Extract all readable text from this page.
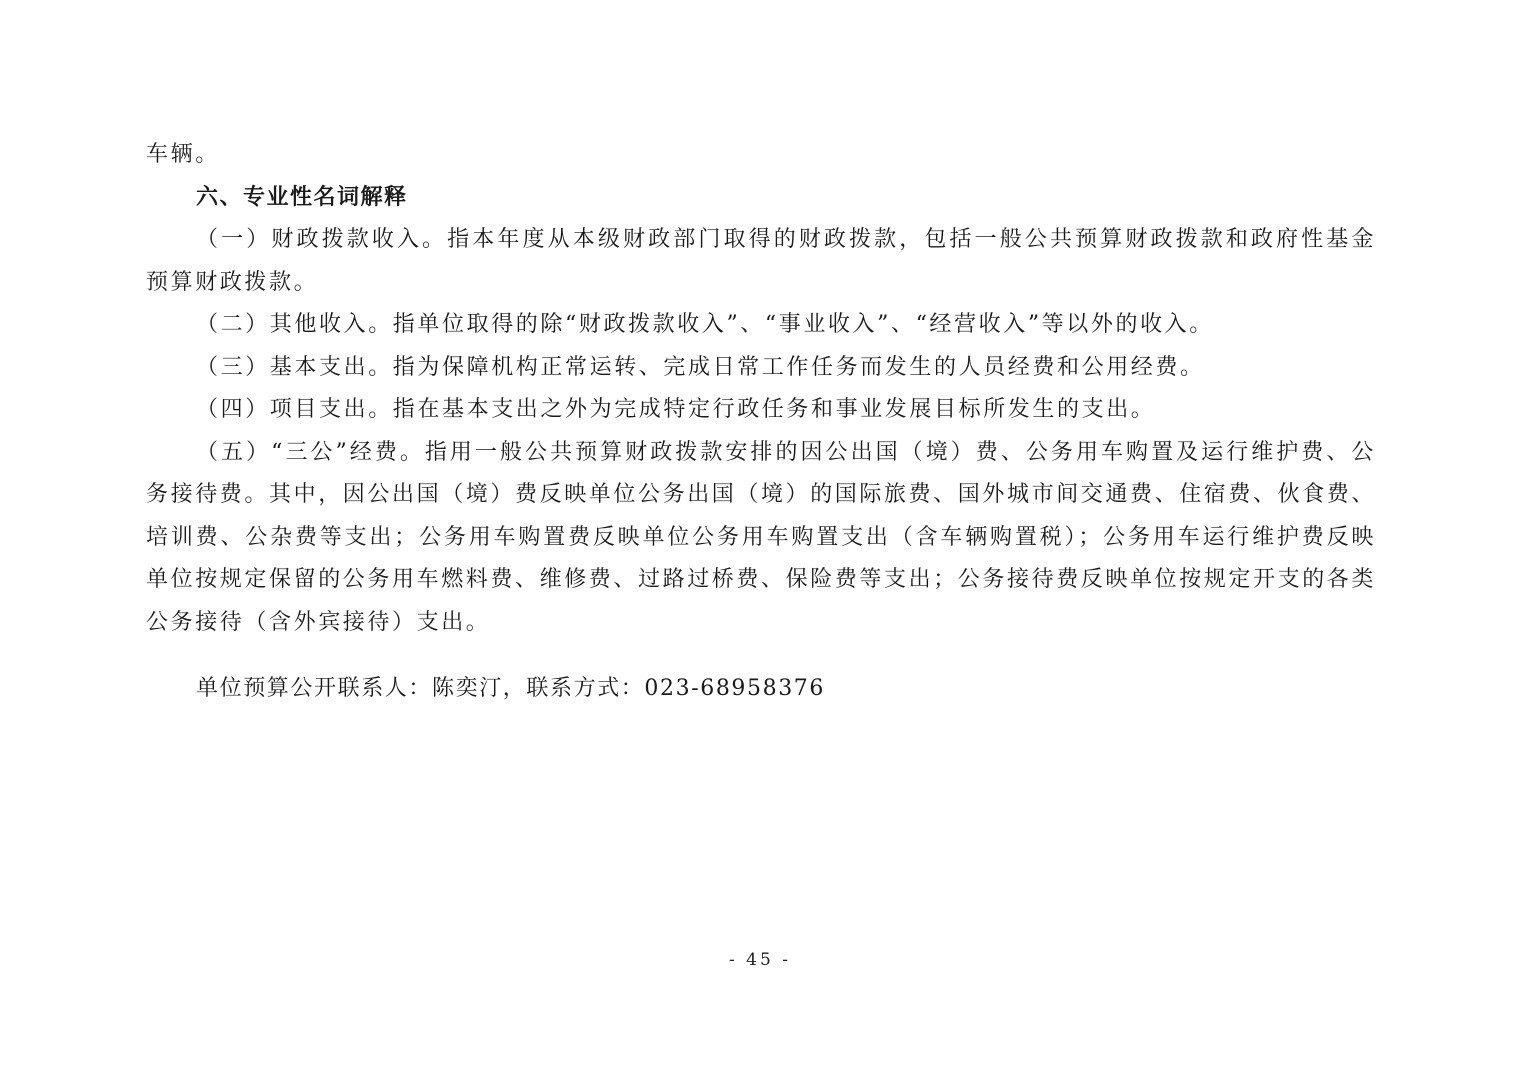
车辆。

六、专业性名词解释

（一）财政拨款收入。指本年度从本级财政部门取得的财政拨款，包括一般公共预算财政拨款和政府性基金预算财政拨款。

（二）其他收入。指单位取得的除“财政拨款收入”、“事业收入”、“经营收入”等以外的收入。

（三）基本支出。指为保障机构正常运转、完成日常工作任务而发生的人员经费和公用经费。

（四）项目支出。指在基本支出之外为完成特定行政任务和事业发展目标所发生的支出。

（五）“三公”经费。指用一般公共预算财政拨款安排的因公出国（境）费、公务用车购置及运行维护费、公务接待费。其中，因公出国（境）费反映单位公务出国（境）的国际旅费、国外城市间交通费、住宿费、伙食费、培训费、公杂费等支出；公务用车购置费反映单位公务用车购置支出（含车辆购置税）；公务用车运行维护费反映单位按规定保留的公务用车燃料费、维修费、过路过桥费、保险费等支出；公务接待费反映单位按规定开支的各类公务接待（含外宾接待）支出。

单位预算公开联系人：陈奕汀，联系方式：023-68958376

- 45 -
